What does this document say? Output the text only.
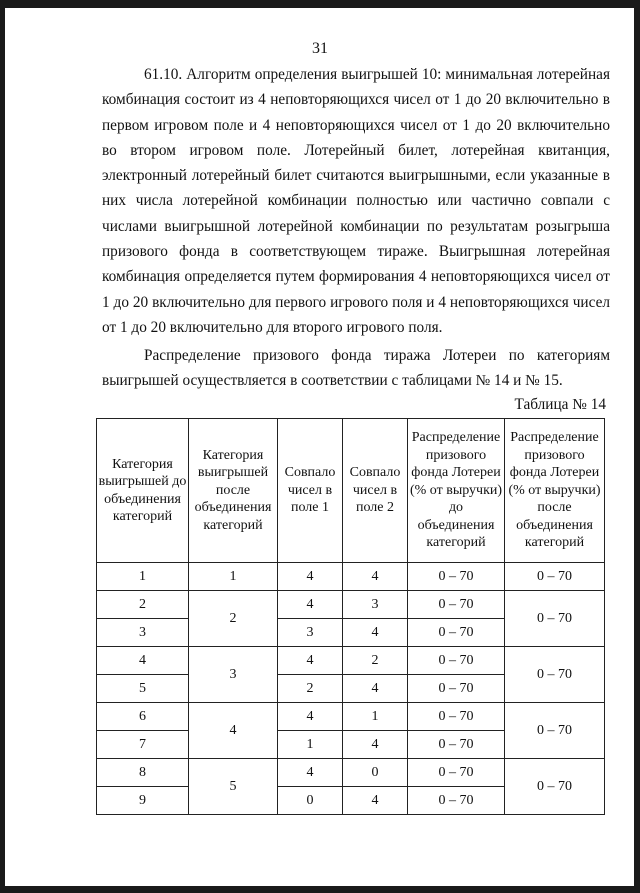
31

61.10. Алгоритм определения выигрышей 10: минимальная лотерейная комбинация состоит из 4 неповторяющихся чисел от 1 до 20 включительно в первом игровом поле и 4 неповторяющихся чисел от 1 до 20 включительно во втором игровом поле. Лотерейный билет, лотерейная квитанция, электронный лотерейный билет считаются выигрышными, если указанные в них числа лотерейной комбинации полностью или частично совпали с числами выигрышной лотерейной комбинации по результатам розыгрыша призового фонда в соответствующем тираже. Выигрышная лотерейная комбинация определяется путем формирования 4 неповторяющихся чисел от 1 до 20 включительно для первого игрового поля и 4 неповторяющихся чисел от 1 до 20 включительно для второго игрового поля.

Распределение призового фонда тиража Лотереи по категориям выигрышей осуществляется в соответствии с таблицами № 14 и № 15.

Таблица № 14
Категория выигрышей до объединения категорий	Категория выигрышей после объединения категорий	Совпало чисел в поле 1	Совпало чисел в поле 2	Распределение призового фонда Лотереи (% от выручки) до объединения категорий	Распределение призового фонда Лотереи (% от выручки) после объединения категорий
1	1	4	4	0 – 70	0 – 70
2	2	4	3	0 – 70	0 – 70
3		3	4	0 – 70	
4	3	4	2	0 – 70	0 – 70
5		2	4	0 – 70	
6	4	4	1	0 – 70	0 – 70
7		1	4	0 – 70	
8	5	4	0	0 – 70	0 – 70
9		0	4	0 – 70	
